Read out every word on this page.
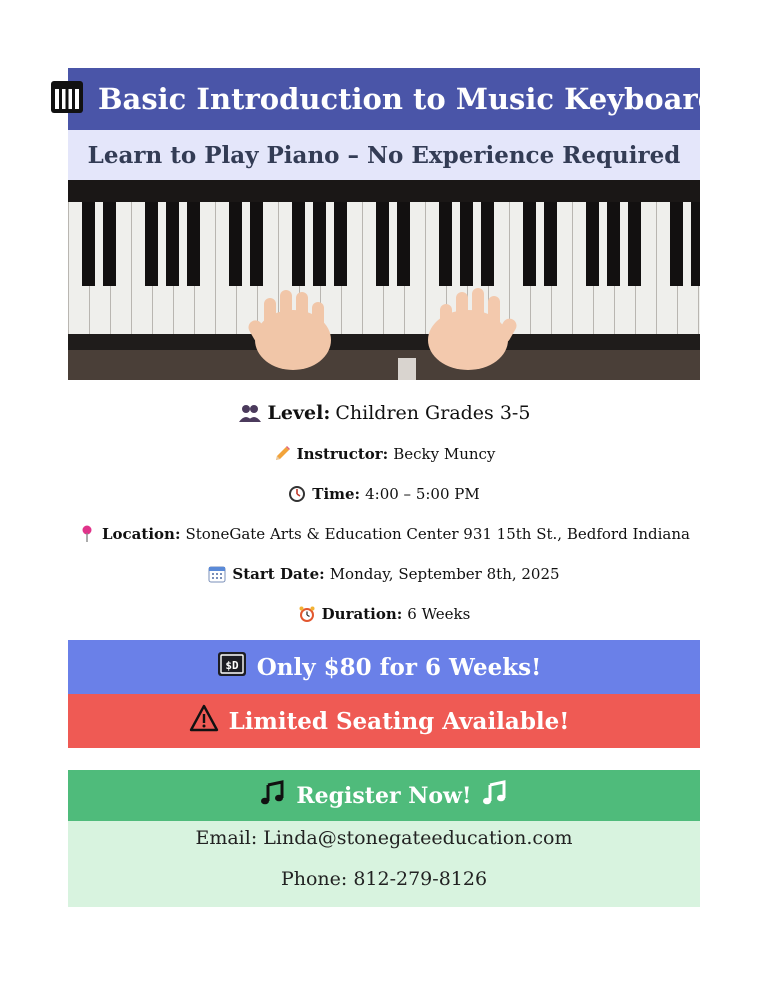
Basic Introduction to Music Keyboard
Learn to Play Piano – No Experience Required
Level: Children Grades 3-5
Instructor: Becky Muncy
Time: 4:00 – 5:00 PM
Location: StoneGate Arts & Education Center 931 15th St., Bedford Indiana
Start Date: Monday, September 8th, 2025
Duration: 6 Weeks
$D Only $80 for 6 Weeks!
Limited Seating Available!
Register Now!
Email: Linda@stonegateeducation.com
Phone: 812-279-8126
